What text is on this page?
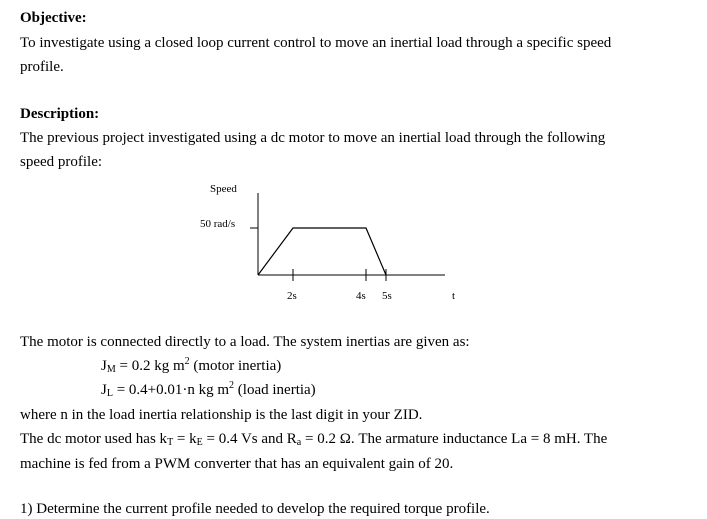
Objective:
To investigate using a closed loop current control to move an inertial load through a specific speed
profile.
Description:
The previous project investigated using a dc motor to move an inertial load through the following
speed profile:
Speed
50 rad/s
2s	4s 5s	t
The motor is connected directly to a load. The system inertias are given as:
$J_M = 0.2$ kg $m^2$ (motor inertia)
$J_L = 0.4+0.01\cdot n$ kg $m^2$ (load inertia)
where n in the load inertia relationship is the last digit in your ZID.
The dc motor used has $k_T = k_E = 0.4$ Vs and $R_a = 0.2$ Ω. The armature inductance La = 8 mH. The
machine is fed from a PWM converter that has an equivalent gain of 20.
1) Determine the current profile needed to develop the required torque profile.
